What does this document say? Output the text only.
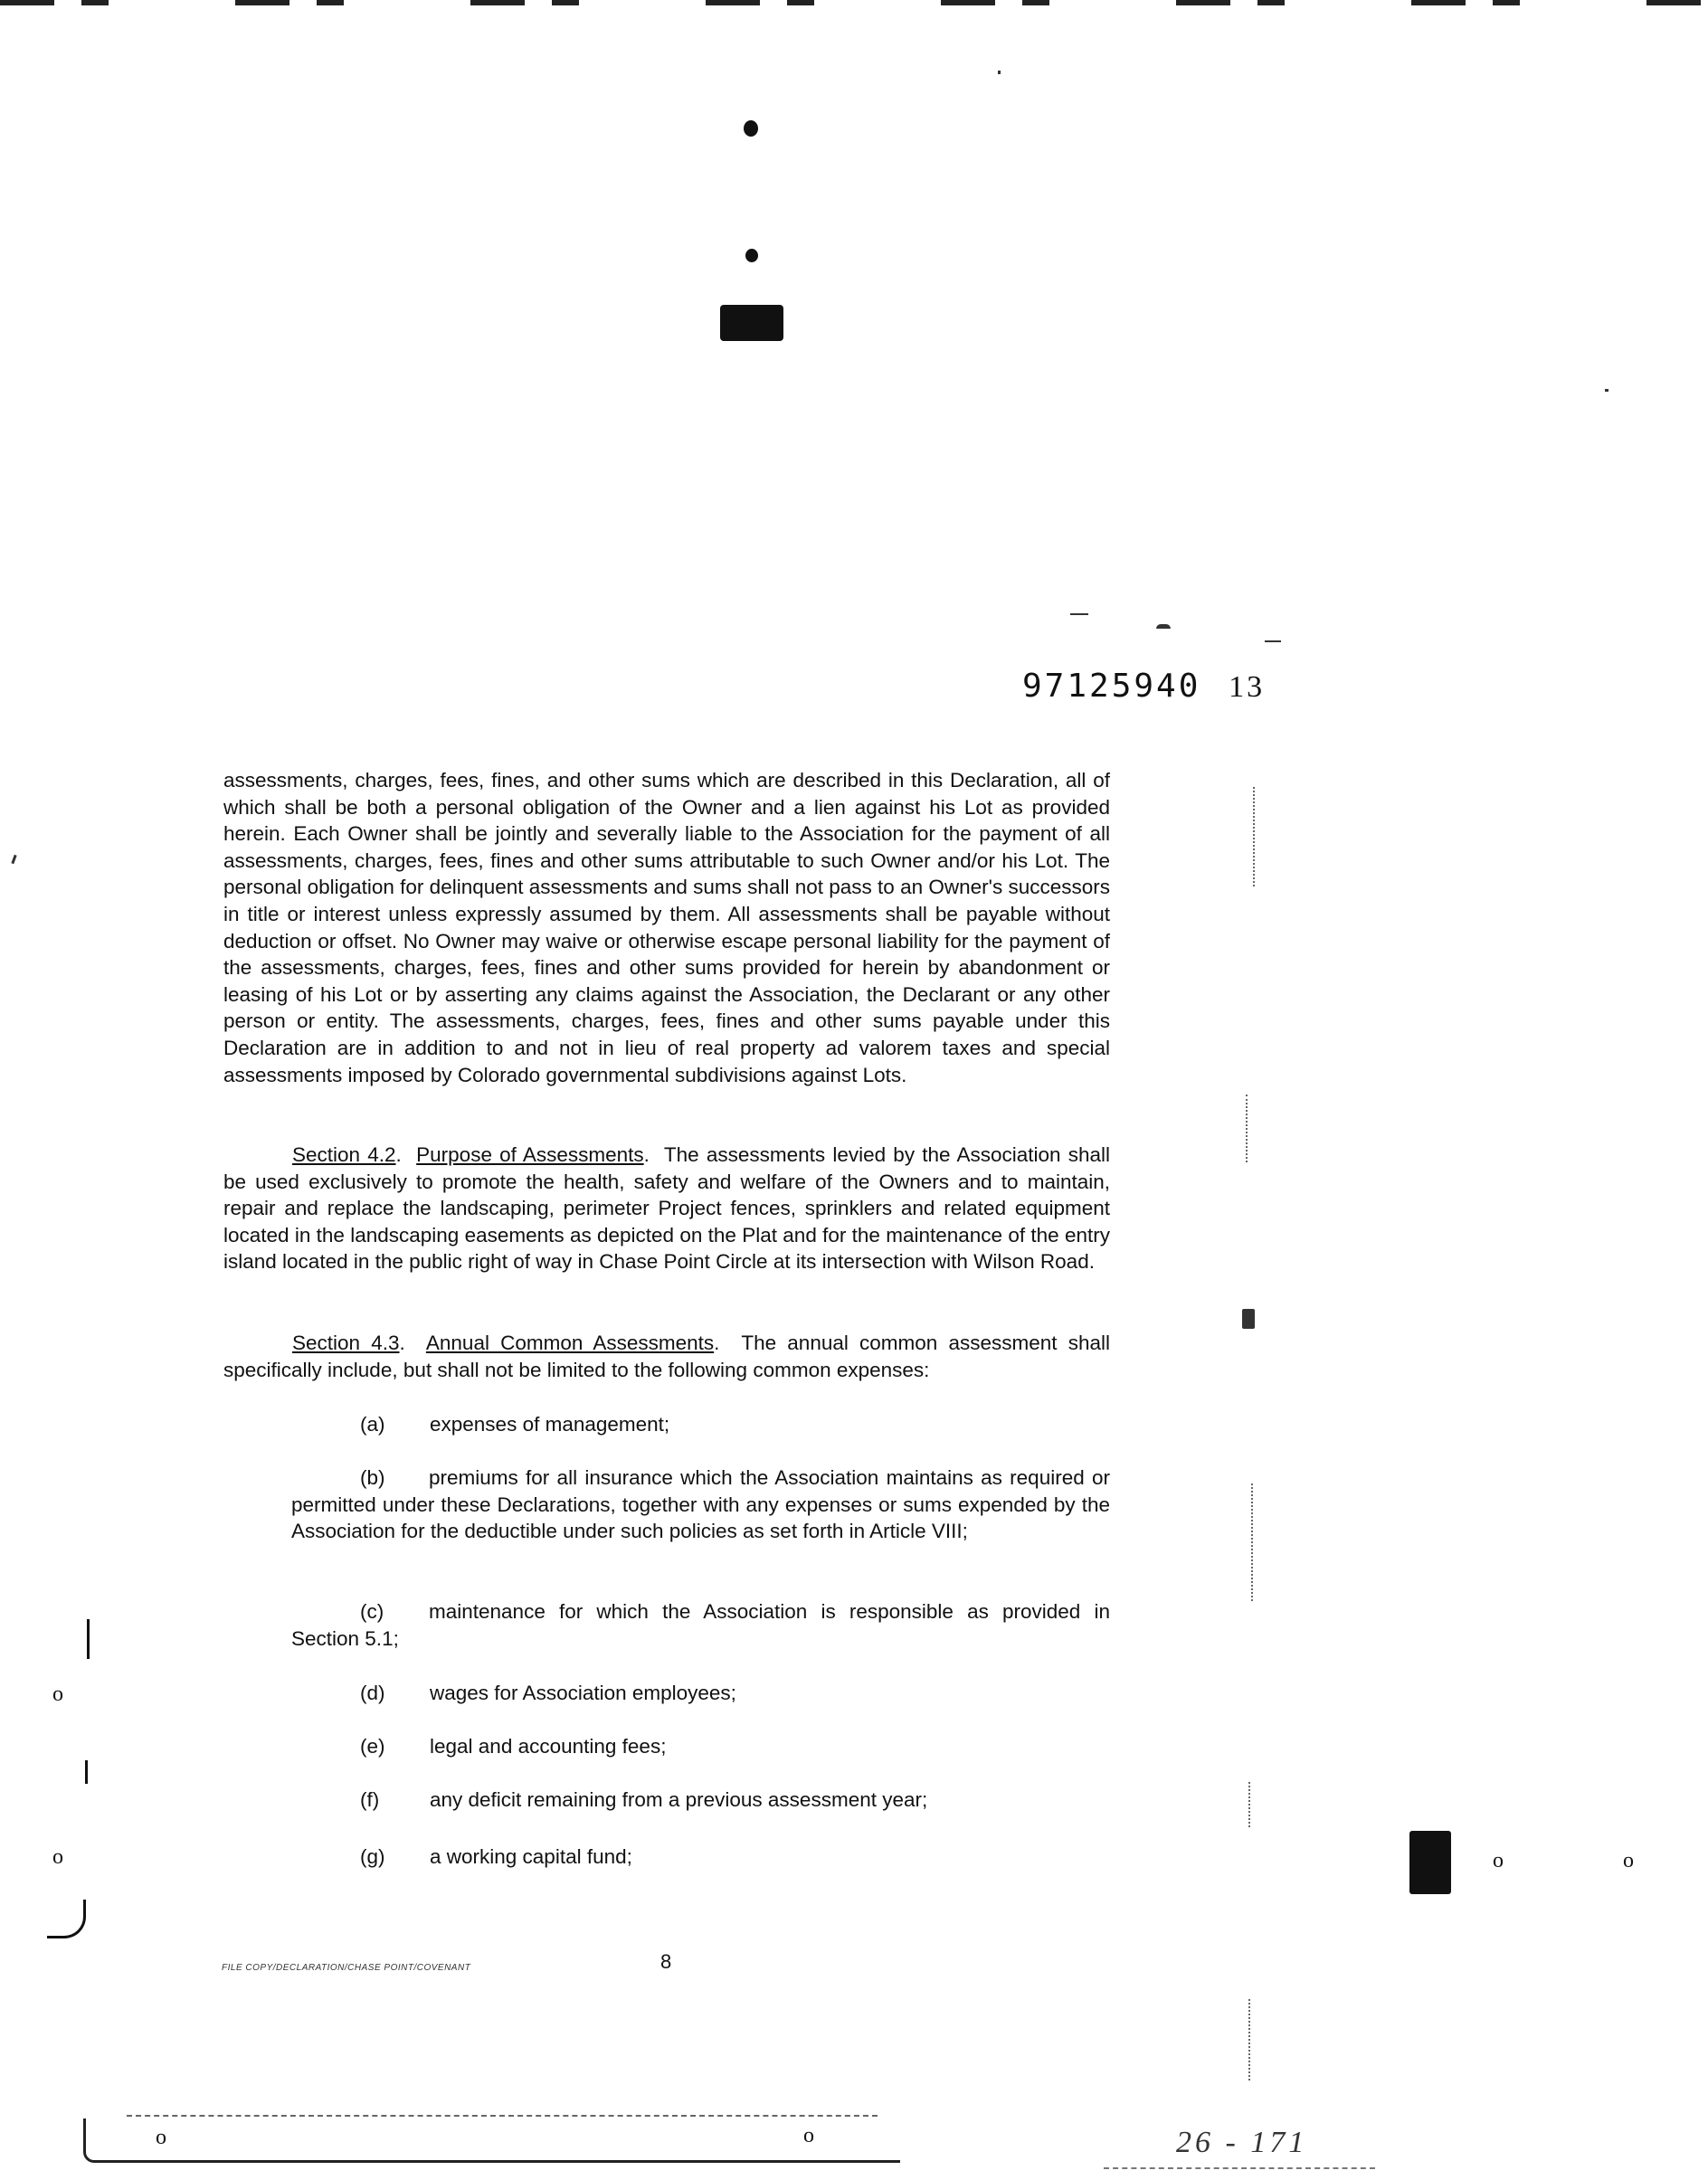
o
o	o	o
97125940 13
assessments, charges, fees, fines, and other sums which are described in this Declaration, all of which shall be both a personal obligation of the Owner and a lien against his Lot as provided herein. Each Owner shall be jointly and severally liable to the Association for the payment of all assessments, charges, fees, fines and other sums attributable to such Owner and/or his Lot. The personal obligation for delinquent assessments and sums shall not pass to an Owner's successors in title or interest unless expressly assumed by them. All assessments shall be payable without deduction or offset. No Owner may waive or otherwise escape personal liability for the payment of the assessments, charges, fees, fines and other sums provided for herein by abandonment or leasing of his Lot or by asserting any claims against the Association, the Declarant or any other person or entity. The assessments, charges, fees, fines and other sums payable under this Declaration are in addition to and not in lieu of real property ad valorem taxes and special assessments imposed by Colorado governmental subdivisions against Lots.
Section 4.2.  Purpose of Assessments.  The assessments levied by the Association shall be used exclusively to promote the health, safety and welfare of the Owners and to maintain, repair and replace the landscaping, perimeter Project fences, sprinklers and related equipment located in the landscaping easements as depicted on the Plat and for the maintenance of the entry island located in the public right of way in Chase Point Circle at its intersection with Wilson Road.
Section 4.3.  Annual Common Assessments.  The annual common assessment shall specifically include, but shall not be limited to the following common expenses:
(a) expenses of management;
(b) premiums for all insurance which the Association maintains as required or permitted under these Declarations, together with any expenses or sums expended by the Association for the deductible under such policies as set forth in Article VIII;
(c) maintenance for which the Association is responsible as provided in Section 5.1;
(d) wages for Association employees;
(e) legal and accounting fees;
(f) any deficit remaining from a previous assessment year;
(g) a working capital fund;
FILE COPY/DECLARATION/CHASE POINT/COVENANT	8
o	o	26 - 171
